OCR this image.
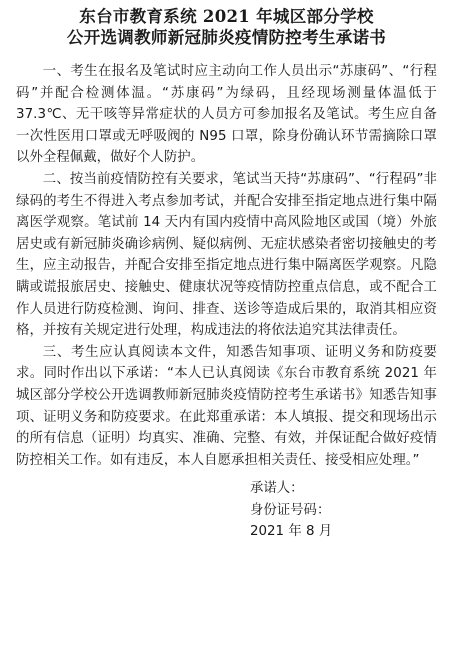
东台市教育系统 2021 年城区部分学校
公开选调教师新冠肺炎疫情防控考生承诺书

一、考生在报名及笔试时应主动向工作人员出示“苏康码”、“行程码”并配合检测体温。“苏康码”为绿码，且经现场测量体温低于37.3℃、无干咳等异常症状的人员方可参加报名及笔试。考生应自备一次性医用口罩或无呼吸阀的 N95 口罩，除身份确认环节需摘除口罩以外全程佩戴，做好个人防护。

二、按当前疫情防控有关要求，笔试当天持“苏康码”、“行程码”非绿码的考生不得进入考点参加考试，并配合安排至指定地点进行集中隔离医学观察。笔试前 14 天内有国内疫情中高风险地区或国（境）外旅居史或有新冠肺炎确诊病例、疑似病例、无症状感染者密切接触史的考生，应主动报告，并配合安排至指定地点进行集中隔离医学观察。凡隐瞒或谎报旅居史、接触史、健康状况等疫情防控重点信息，或不配合工作人员进行防疫检测、询问、排查、送诊等造成后果的，取消其相应资格，并按有关规定进行处理，构成违法的将依法追究其法律责任。

三、考生应认真阅读本文件，知悉告知事项、证明义务和防疫要求。同时作出以下承诺：“本人已认真阅读《东台市教育系统 2021 年城区部分学校公开选调教师新冠肺炎疫情防控考生承诺书》知悉告知事项、证明义务和防疫要求。在此郑重承诺：本人填报、提交和现场出示的所有信息（证明）均真实、准确、完整、有效，并保证配合做好疫情防控相关工作。如有违反，本人自愿承担相关责任、接受相应处理。”

承诺人：

身份证号码：

2021 年 8 月
